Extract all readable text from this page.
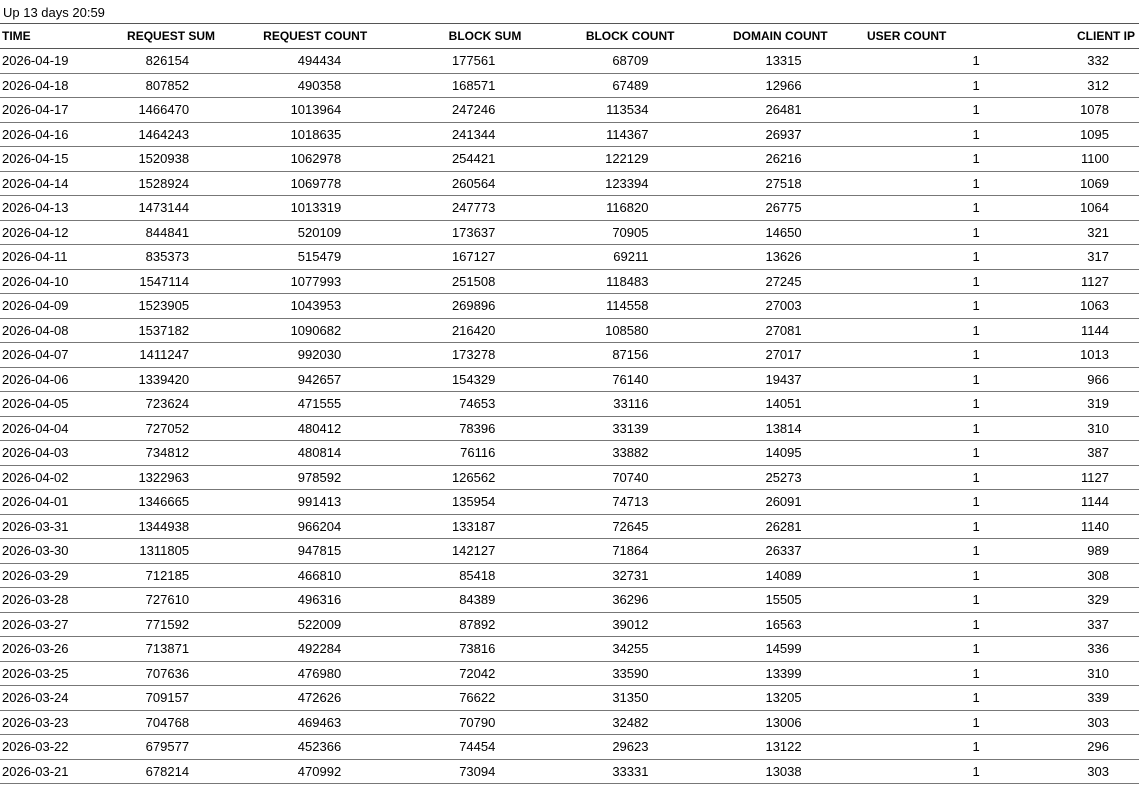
Up 13 days 20:59
TIME	REQUEST SUM	REQUEST COUNT	BLOCK SUM	BLOCK COUNT	DOMAIN COUNT	USER COUNT	CLIENT IP
2026-04-19	826154	494434	177561	68709	13315	1	332
2026-04-18	807852	490358	168571	67489	12966	1	312
2026-04-17	1466470	1013964	247246	113534	26481	1	1078
2026-04-16	1464243	1018635	241344	114367	26937	1	1095
2026-04-15	1520938	1062978	254421	122129	26216	1	1100
2026-04-14	1528924	1069778	260564	123394	27518	1	1069
2026-04-13	1473144	1013319	247773	116820	26775	1	1064
2026-04-12	844841	520109	173637	70905	14650	1	321
2026-04-11	835373	515479	167127	69211	13626	1	317
2026-04-10	1547114	1077993	251508	118483	27245	1	1127
2026-04-09	1523905	1043953	269896	114558	27003	1	1063
2026-04-08	1537182	1090682	216420	108580	27081	1	1144
2026-04-07	1411247	992030	173278	87156	27017	1	1013
2026-04-06	1339420	942657	154329	76140	19437	1	966
2026-04-05	723624	471555	74653	33116	14051	1	319
2026-04-04	727052	480412	78396	33139	13814	1	310
2026-04-03	734812	480814	76116	33882	14095	1	387
2026-04-02	1322963	978592	126562	70740	25273	1	1127
2026-04-01	1346665	991413	135954	74713	26091	1	1144
2026-03-31	1344938	966204	133187	72645	26281	1	1140
2026-03-30	1311805	947815	142127	71864	26337	1	989
2026-03-29	712185	466810	85418	32731	14089	1	308
2026-03-28	727610	496316	84389	36296	15505	1	329
2026-03-27	771592	522009	87892	39012	16563	1	337
2026-03-26	713871	492284	73816	34255	14599	1	336
2026-03-25	707636	476980	72042	33590	13399	1	310
2026-03-24	709157	472626	76622	31350	13205	1	339
2026-03-23	704768	469463	70790	32482	13006	1	303
2026-03-22	679577	452366	74454	29623	13122	1	296
2026-03-21	678214	470992	73094	33331	13038	1	303
